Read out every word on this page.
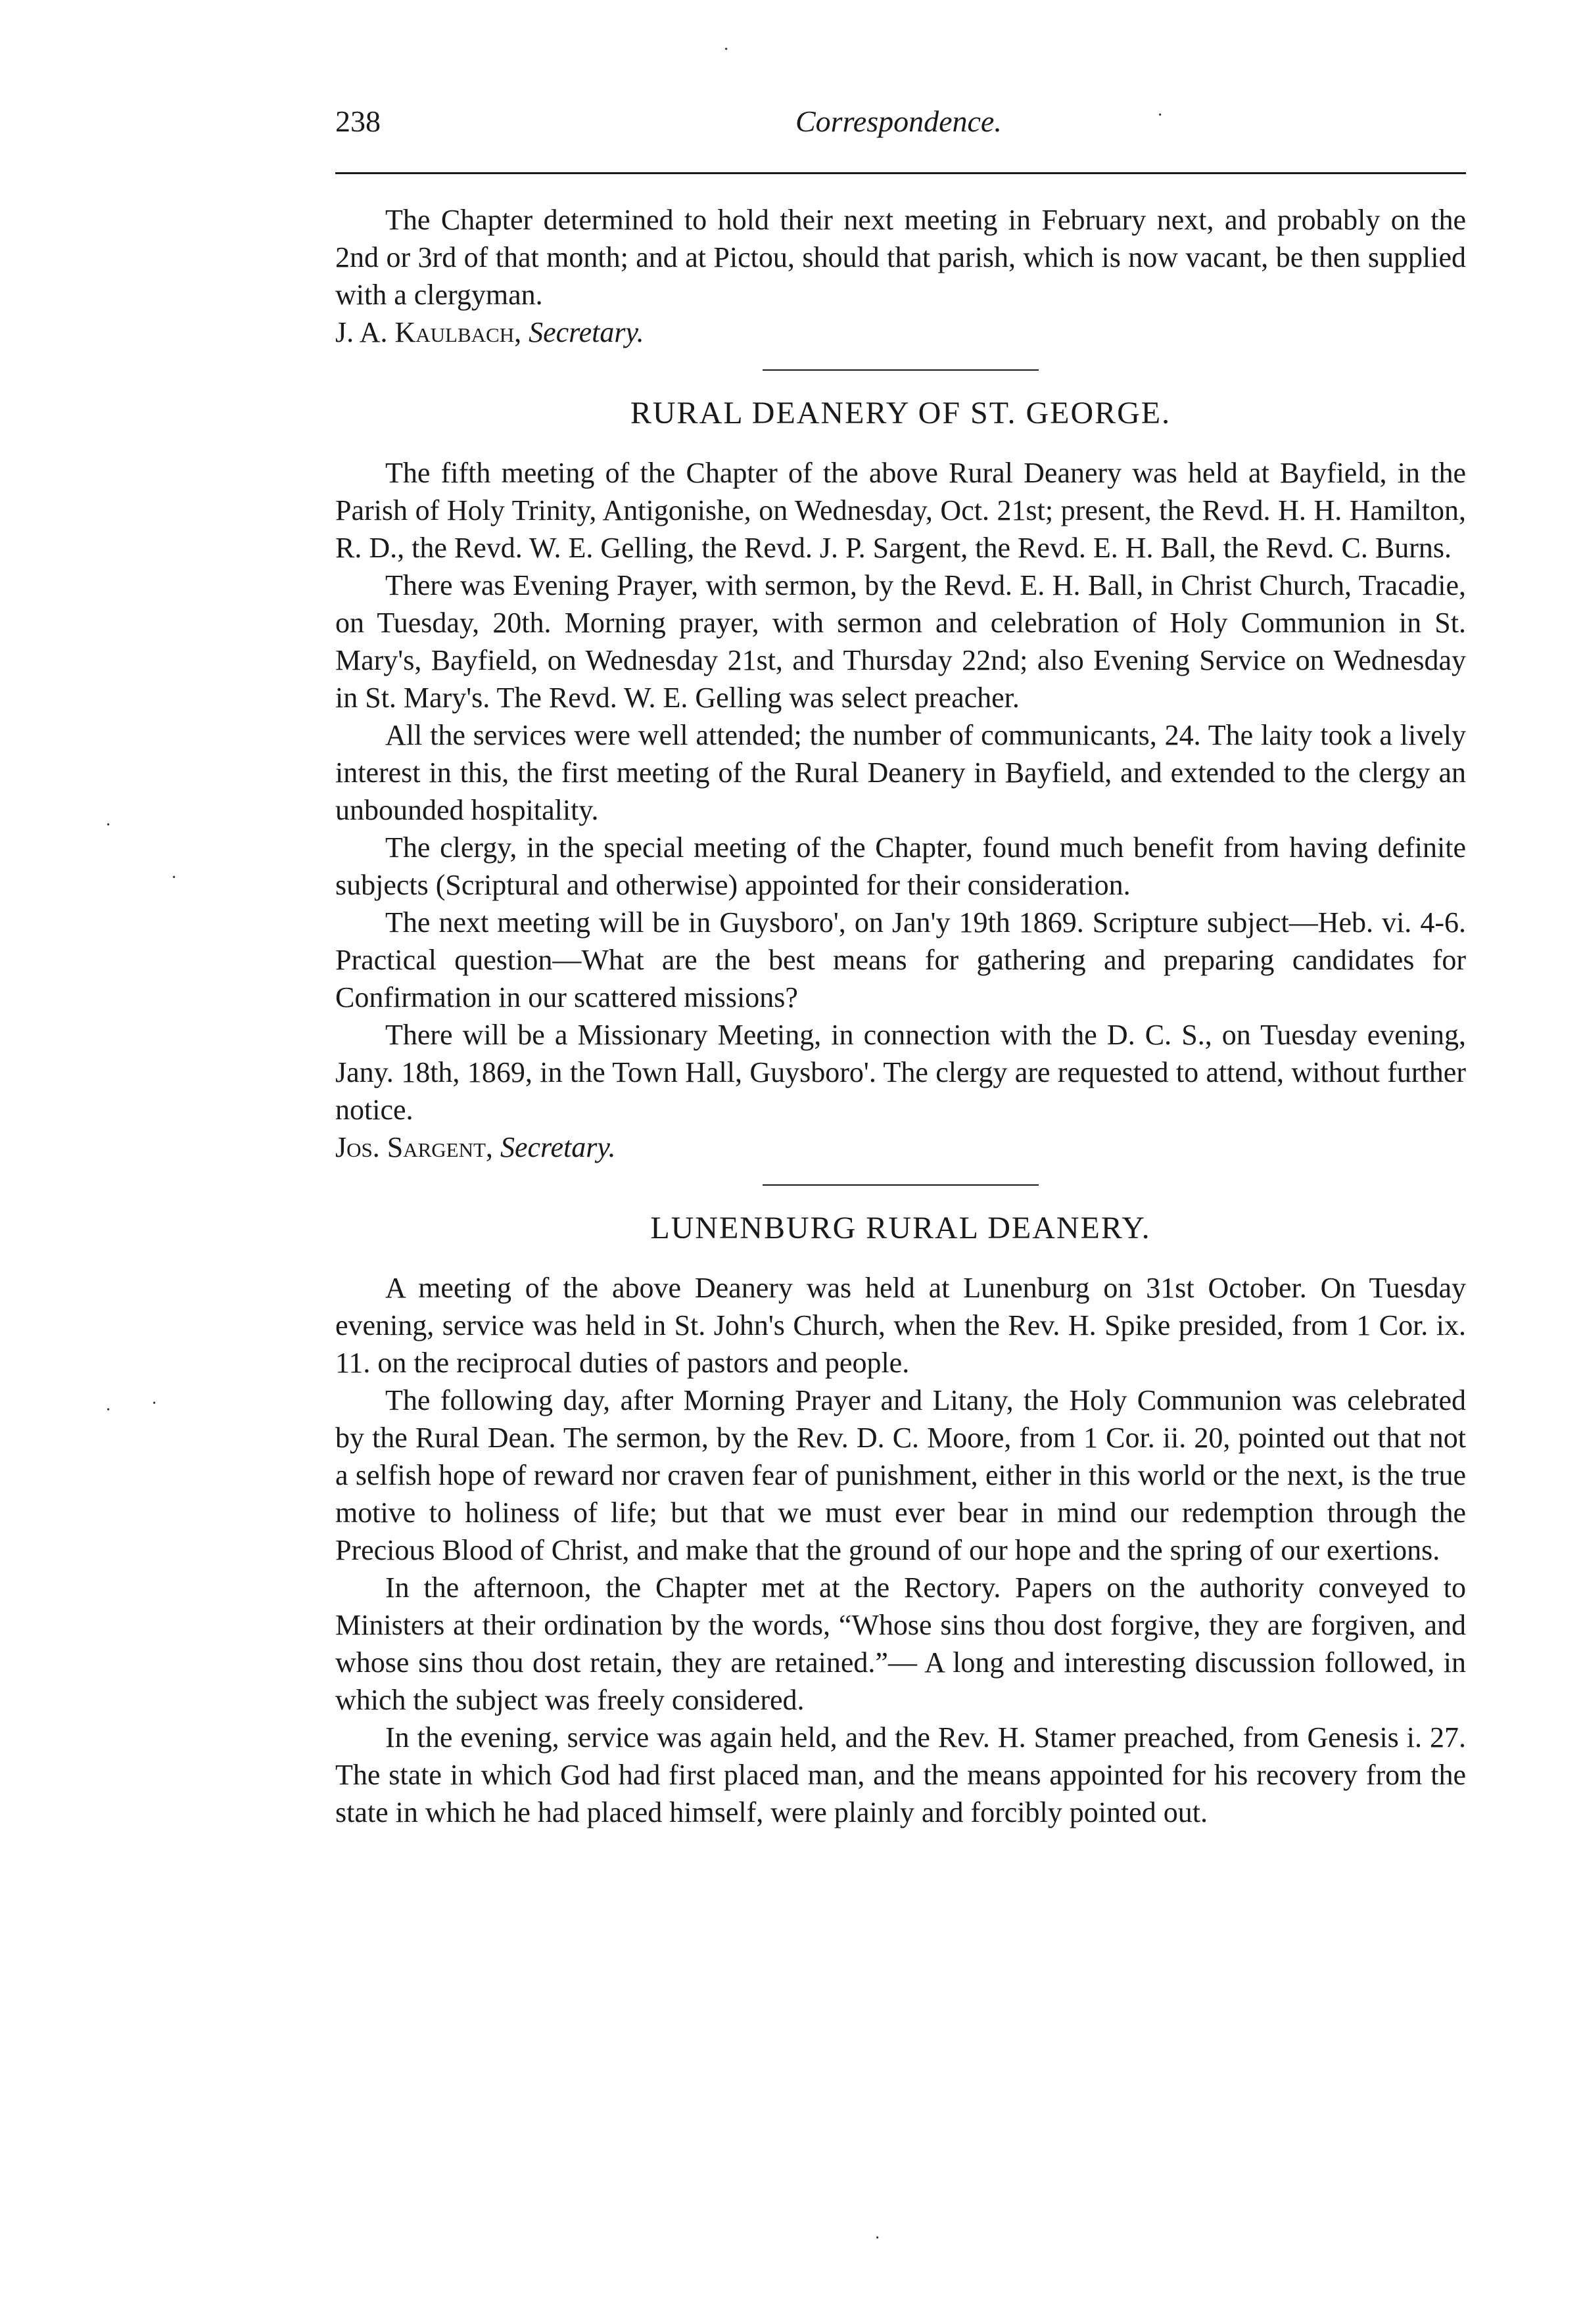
238	Correspondence.

The Chapter determined to hold their next meeting in February next, and probably on the 2nd or 3rd of that month; and at Pictou, should that parish, which is now vacant, be then supplied with a clergyman.

J. A. Kaulbach, Secretary.

RURAL DEANERY OF ST. GEORGE.

The fifth meeting of the Chapter of the above Rural Deanery was held at Bayfield, in the Parish of Holy Trinity, Antigonishe, on Wednesday, Oct. 21st; present, the Revd. H. H. Hamilton, R. D., the Revd. W. E. Gelling, the Revd. J. P. Sargent, the Revd. E. H. Ball, the Revd. C. Burns.

There was Evening Prayer, with sermon, by the Revd. E. H. Ball, in Christ Church, Tracadie, on Tuesday, 20th. Morning prayer, with sermon and celebration of Holy Communion in St. Mary's, Bayfield, on Wednesday 21st, and Thursday 22nd; also Evening Service on Wednesday in St. Mary's. The Revd. W. E. Gelling was select preacher.

All the services were well attended; the number of communicants, 24. The laity took a lively interest in this, the first meeting of the Rural Deanery in Bayfield, and extended to the clergy an unbounded hospitality.

The clergy, in the special meeting of the Chapter, found much benefit from having definite subjects (Scriptural and otherwise) appointed for their consideration.

The next meeting will be in Guysboro', on Jan'y 19th 1869. Scripture subject—Heb. vi. 4-6. Practical question—What are the best means for gathering and preparing candidates for Confirmation in our scattered missions?

There will be a Missionary Meeting, in connection with the D. C. S., on Tuesday evening, Jany. 18th, 1869, in the Town Hall, Guysboro'. The clergy are requested to attend, without further notice.

Jos. Sargent, Secretary.

LUNENBURG RURAL DEANERY.

A meeting of the above Deanery was held at Lunenburg on 31st October. On Tuesday evening, service was held in St. John's Church, when the Rev. H. Spike presided, from 1 Cor. ix. 11. on the reciprocal duties of pastors and people.

The following day, after Morning Prayer and Litany, the Holy Communion was celebrated by the Rural Dean. The sermon, by the Rev. D. C. Moore, from 1 Cor. ii. 20, pointed out that not a selfish hope of reward nor craven fear of punishment, either in this world or the next, is the true motive to holiness of life; but that we must ever bear in mind our redemption through the Precious Blood of Christ, and make that the ground of our hope and the spring of our exertions.

In the afternoon, the Chapter met at the Rectory. Papers on the authority conveyed to Ministers at their ordination by the words, “Whose sins thou dost forgive, they are forgiven, and whose sins thou dost retain, they are retained.”— A long and interesting discussion followed, in which the subject was freely considered.

In the evening, service was again held, and the Rev. H. Stamer preached, from Genesis i. 27. The state in which God had first placed man, and the means appointed for his recovery from the state in which he had placed himself, were plainly and forcibly pointed out.

·
·
·
·
· ·
·
